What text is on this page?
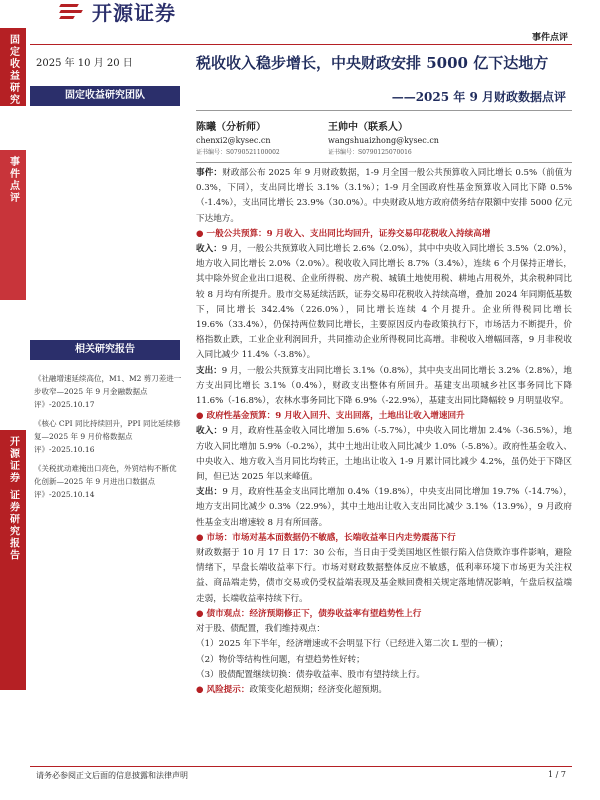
固定收益研究
事件点评
开源证券 证券研究报告
开源证券
事件点评
2025 年 10 月 20 日
固定收益研究团队
税收收入稳步增长，中央财政安排 5000 亿下达地方
——2025 年 9 月财政数据点评
陈曦（分析师）
chenxi2@kysec.cn
证书编号：S0790521100002
王帅中（联系人）
wangshuaizhong@kysec.cn
证书编号：S0790125070016
相关研究报告

《社融增速延续高位，M1、M2 剪刀差进一步收窄—2025 年 9 月金融数据点评》-2025.10.17

《核心 CPI 同比持续回升，PPI 同比延续修复—2025 年 9 月价格数据点评》-2025.10.16

《关税扰动难掩出口亮色，外贸结构不断优化创新—2025 年 9 月进出口数据点评》-2025.10.14

事件：财政部公布 2025 年 9 月财政数据，1-9 月全国一般公共预算收入同比增长 0.5%（前值为 0.3%，下同），支出同比增长 3.1%（3.1%）；1-9 月全国政府性基金预算收入同比下降 0.5%（-1.4%），支出同比增长 23.9%（30.0%）。中央财政从地方政府债务结存限额中安排 5000 亿元下达地方。

● 一般公共预算：9 月收入、支出同比均回升，证券交易印花税收入持续高增

收入：9 月，一般公共预算收入同比增长 2.6%（2.0%），其中中央收入同比增长 3.5%（2.0%），地方收入同比增长 2.0%（2.0%）。税收收入同比增长 8.7%（3.4%），连续 6 个月保持正增长，其中除外贸企业出口退税、企业所得税、房产税、城镇土地使用税、耕地占用税外，其余税种同比较 8 月均有所提升。股市交易延续活跃，证券交易印花税收入持续高增，叠加 2024 年同期低基数下，同比增长 342.4%（226.0%），同比增长连续 4 个月提升。企业所得税同比增长 19.6%（33.4%），仍保持两位数同比增长，主要原因反内卷政策执行下，市场活力不断提升，价格指数止跌，工业企业利润回升，共同推动企业所得税同比高增。非税收入增幅回落，9 月非税收入同比减少 11.4%（-3.8%）。

支出：9 月，一般公共预算支出同比增长 3.1%（0.8%），其中央支出同比增长 3.2%（2.8%），地方支出同比增长 3.1%（0.4%），财政支出整体有所回升。基建支出项城乡社区事务同比下降 11.6%（-16.8%），农林水事务同比下降 6.9%（-22.9%），基建支出同比降幅较 9 月明显收窄。

● 政府性基金预算：9 月收入回升、支出回落，土地出让收入增速回升

收入：9 月，政府性基金收入同比增加 5.6%（-5.7%），中央收入同比增加 2.4%（-36.5%），地方收入同比增加 5.9%（-0.2%），其中土地出让收入同比减少 1.0%（-5.8%）。政府性基金收入、中央收入、地方收入当月同比均转正，土地出让收入 1-9 月累计同比减少 4.2%，虽仍处于下降区间，但已达 2025 年以来峰值。

支出：9 月，政府性基金支出同比增加 0.4%（19.8%），中央支出同比增加 19.7%（-14.7%），地方支出同比减少 0.3%（22.9%），其中土地出让收入支出同比减少 3.1%（13.9%），9 月政府性基金支出增速较 8 月有所回落。

● 市场：市场对基本面数据仍不敏感，长端收益率日内走势震荡下行

财政数据于 10 月 17 日 17：30 公布，当日由于受美国地区性银行陷入信贷欺诈事件影响，避险情绪下，早盘长端收益率下行。市场对财政数据整体反应不敏感，低利率环境下市场更为关注权益、商品端走势，债市交易或仍受权益端表现及基金赎回费相关规定落地情况影响，午盘后权益端走弱，长端收益率持续下行。

● 债市观点：经济预期修正下，债券收益率有望趋势性上行

对于股、债配置，我们维持观点：

（1）2025 年下半年，经济增速或不会明显下行（已经进入第二次 L 型的一横）；

（2）物价等结构性问题，有望趋势性好转；

（3）股债配置继续切换：债券收益率、股市有望持续上行。

● 风险提示：政策变化超预期；经济变化超预期。

请务必参阅正文后面的信息披露和法律声明	1 / 7
